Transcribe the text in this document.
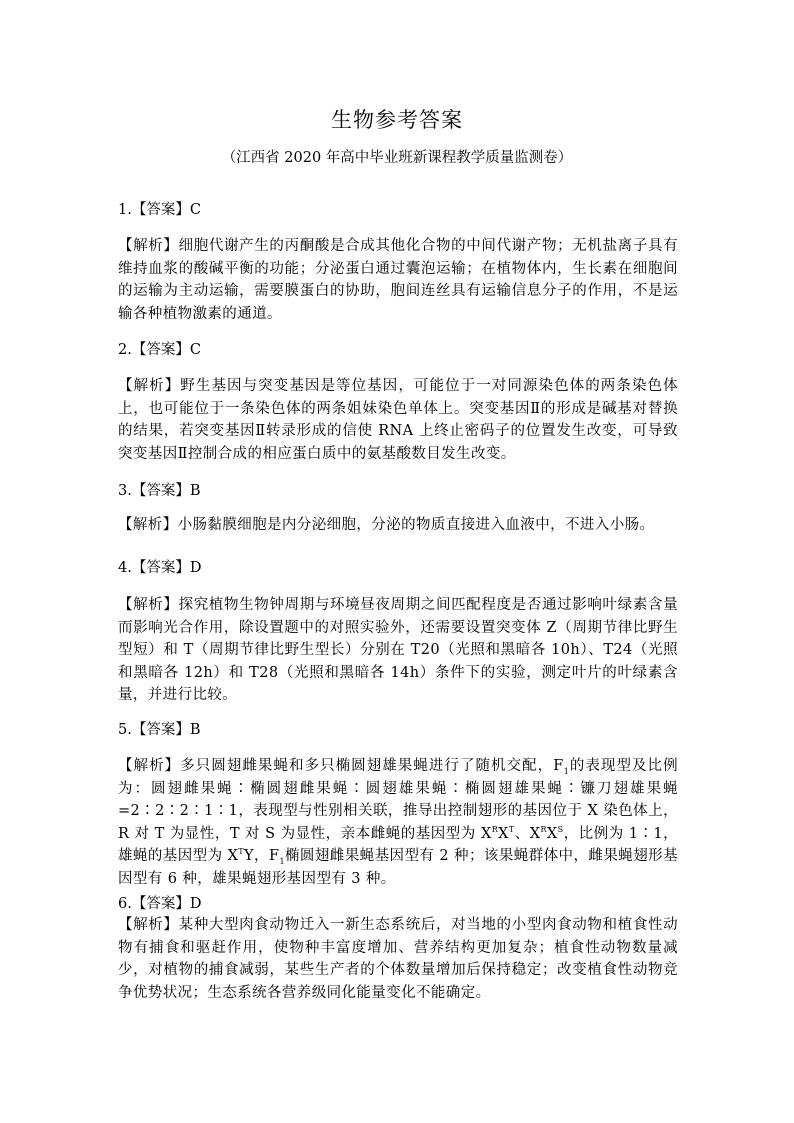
生物参考答案
（江西省 2020 年高中毕业班新课程教学质量监测卷）
1.【答案】C
【解析】细胞代谢产生的丙酮酸是合成其他化合物的中间代谢产物；无机盐离子具有维持血浆的酸碱平衡的功能；分泌蛋白通过囊泡运输；在植物体内，生长素在细胞间的运输为主动运输，需要膜蛋白的协助，胞间连丝具有运输信息分子的作用，不是运输各种植物激素的通道。
2.【答案】C
【解析】野生基因与突变基因是等位基因，可能位于一对同源染色体的两条染色体上，也可能位于一条染色体的两条姐妹染色单体上。突变基因Ⅱ的形成是碱基对替换的结果，若突变基因Ⅱ转录形成的信使 RNA 上终止密码子的位置发生改变，可导致突变基因Ⅱ控制合成的相应蛋白质中的氨基酸数目发生改变。
3.【答案】B
【解析】小肠黏膜细胞是内分泌细胞，分泌的物质直接进入血液中，不进入小肠。
4.【答案】D
【解析】探究植物生物钟周期与环境昼夜周期之间匹配程度是否通过影响叶绿素含量而影响光合作用，除设置题中的对照实验外，还需要设置突变体 Z（周期节律比野生型短）和 T（周期节律比野生型长）分别在 T20（光照和黑暗各 10h）、T24（光照和黑暗各 12h）和 T28（光照和黑暗各 14h）条件下的实验，测定叶片的叶绿素含量，并进行比较。
5.【答案】B
【解析】多只圆翅雌果蝇和多只椭圆翅雄果蝇进行了随机交配，$F_1$的表现型及比例为：圆翅雌果蝇∶椭圆翅雌果蝇∶圆翅雄果蝇∶椭圆翅雄果蝇∶镰刀翅雄果蝇=2∶2∶2∶1∶1，表现型与性别相关联，推导出控制翅形的基因位于 X 染色体上，R 对 T 为显性，T 对 S 为显性，亲本雌蝇的基因型为 $X^RX^T$、$X^RX^S$，比例为 1∶1，雄蝇的基因型为 $X^TY$，$F_1$椭圆翅雌果蝇基因型有 2 种；该果蝇群体中，雌果蝇翅形基因型有 6 种，雄果蝇翅形基因型有 3 种。
6.【答案】D
【解析】某种大型肉食动物迁入一新生态系统后，对当地的小型肉食动物和植食性动物有捕食和驱赶作用，使物种丰富度增加、营养结构更加复杂；植食性动物数量减少，对植物的捕食减弱，某些生产者的个体数量增加后保持稳定；改变植食性动物竞争优势状况；生态系统各营养级同化能量变化不能确定。
